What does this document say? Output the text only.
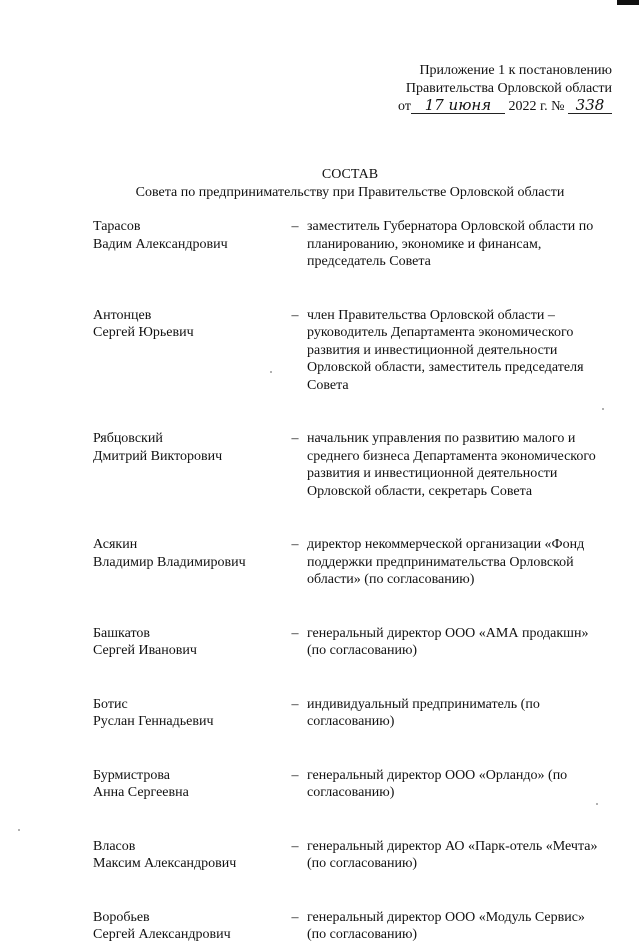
Приложение 1 к постановлению
Правительства Орловской области
от 17 июня 2022 г. № 338
СОСТАВ
Совета по предпринимательству при Правительстве Орловской области
Тарасов
Вадим Александрович
– заместитель Губернатора Орловской области по планированию, экономике и финансам, председатель Совета
Антонцев
Сергей Юрьевич
– член Правительства Орловской области – руководитель Департамента экономического развития и инвестиционной деятельности Орловской области, заместитель председателя Совета
Рябцовский
Дмитрий Викторович
– начальник управления по развитию малого и среднего бизнеса Департамента экономического развития и инвестиционной деятельности Орловской области, секретарь Совета
Асякин
Владимир Владимирович
– директор некоммерческой организации «Фонд поддержки предпринимательства Орловской области» (по согласованию)
Башкатов
Сергей Иванович
– генеральный директор ООО «АМА продакшн» (по согласованию)
Ботис
Руслан Геннадьевич
– индивидуальный предприниматель (по согласованию)
Бурмистрова
Анна Сергеевна
– генеральный директор ООО «Орландо» (по согласованию)
Власов
Максим Александрович
– генеральный директор АО «Парк-отель «Мечта» (по согласованию)
Воробьев
Сергей Александрович
– генеральный директор ООО «Модуль Сервис» (по согласованию)
